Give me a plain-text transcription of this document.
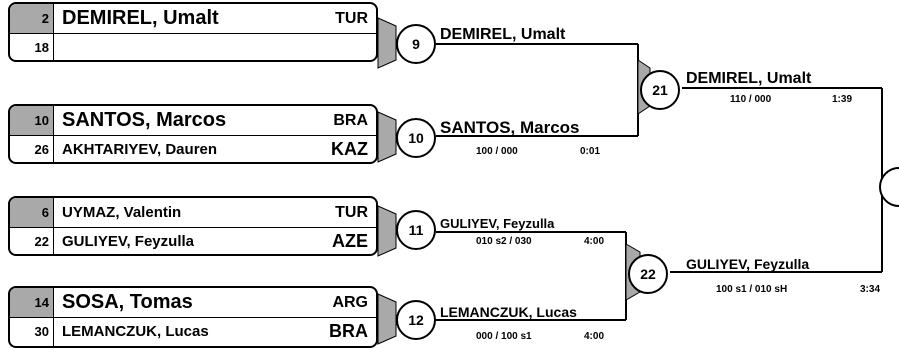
2 DEMIREL, Umalt	TUR
18
10 SANTOS, Marcos	BRA
26 AKHTARIYEV, Dauren	KAZ
6 UYMAZ, Valentin	TUR
22 GULIYEV, Feyzulla	AZE
14 SOSA, Tomas	ARG
30 LEMANCZUK, Lucas	BRA
9
10
11
12
21
22
DEMIREL, Umalt
SANTOS, Marcos
100 / 000	0:01
GULIYEV, Feyzulla
010 s2 / 030	4:00
LEMANCZUK, Lucas
000 / 100 s1	4:00
DEMIREL, Umalt
110 / 000	1:39
GULIYEV, Feyzulla
100 s1 / 010 sH	3:34
